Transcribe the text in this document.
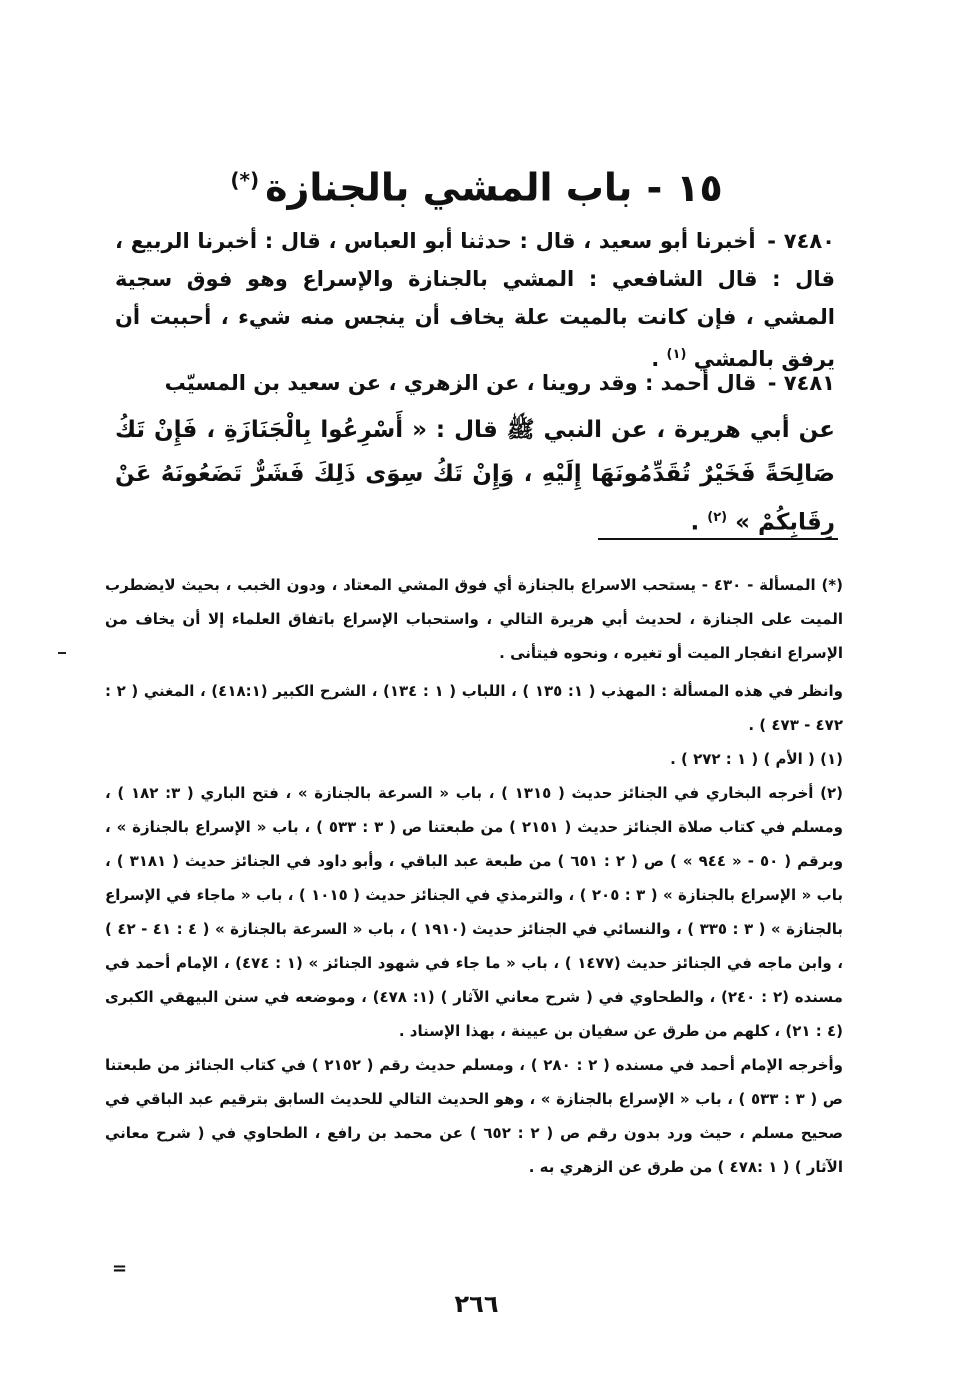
١٥-باب المشي بالجنازة(*)
٧٤٨٠ - أخبرنا أبو سعيد ، قال : حدثنا أبو العباس ، قال : أخبرنا الربيع ، قال : قال الشافعي : المشي بالجنازة والإسراع وهو فوق سجية المشي ، فإن كانت بالميت علة يخاف أن ينجس منه شيء ، أحببت أن يرفق بالمشي $^{(١)}$ .
٧٤٨١ - قال أحمد : وقد روينا ، عن الزهري ، عن سعيد بن المسيّب
عن أبي هريرة ، عن النبي ﷺ قال : « أَسْرِعُوا بِالْجَنَازَةِ ، فَإِنْ تَكُ صَالِحَةً فَخَيْرٌ تُقَدِّمُونَهَا إِلَيْهِ ، وَإِنْ تَكُ سِوَى ذَلِكَ فَشَرٌّ تَضَعُونَهُ عَنْ رِقَابِكُمْ » $^{(٢)}$ .

(*) المسألة - ٤٣٠ - يستحب الاسراع بالجنازة أي فوق المشي المعتاد ، ودون الخبب ، بحيث لايضطرب الميت على الجنازة ، لحديث أبي هريرة التالي ، واستحباب الإسراع باتفاق العلماء إلا أن يخاف من الإسراع انفجار الميت أو تغيره ، ونحوه فيتأنى .

وانظر في هذه المسألة : المهذب ( ١: ١٣٥ ) ، اللباب ( ١ : ١٣٤) ، الشرح الكبير (٤١٨:١) ، المغني ( ٢ : ٤٧٢ - ٤٧٣ ) .

(١) ( الأم ) ( ١ : ٢٧٢ ) .

(٢) أخرجه البخاري في الجنائز حديث ( ١٣١٥ ) ، باب « السرعة بالجنازة » ، فتح الباري ( ٣: ١٨٢ ) ، ومسلم في كتاب صلاة الجنائز حديث ( ٢١٥١ ) من طبعتنا ص ( ٣ : ٥٣٣ ) ، باب « الإسراع بالجنازة » ، وبرقم ( ٥٠ - « ٩٤٤ » ) ص ( ٢ : ٦٥١ ) من طبعة عبد الباقي ، وأبو داود في الجنائز حديث ( ٣١٨١ ) ، باب « الإسراع بالجنازة » ( ٣ : ٢٠٥ ) ، والترمذي في الجنائز حديث ( ١٠١٥ ) ، باب « ماجاء في الإسراع بالجنازة » ( ٣ : ٣٣٥ ) ، والنسائي في الجنائز حديث (١٩١٠ ) ، باب « السرعة بالجنازة » ( ٤ : ٤١ - ٤٢ ) ، وابن ماجه في الجنائز حديث (١٤٧٧ ) ، باب « ما جاء في شهود الجنائز » (١ : ٤٧٤) ، الإمام أحمد في مسنده (٢ : ٢٤٠) ، والطحاوي في ( شرح معاني الآثار ) (١: ٤٧٨) ، وموضعه في سنن البيهقي الكبرى (٤ : ٢١) ، كلهم من طرق عن سفيان بن عيينة ، بهذا الإسناد .

وأخرجه الإمام أحمد في مسنده ( ٢ : ٢٨٠ ) ، ومسلم حديث رقم ( ٢١٥٢ ) في كتاب الجنائز من طبعتنا ص ( ٣ : ٥٣٣ ) ، باب « الإسراع بالجنازة » ، وهو الحديث التالي للحديث السابق بترقيم عبد الباقي في صحيح مسلم ، حيث ورد بدون رقم ص ( ٢ : ٦٥٢ ) عن محمد بن رافع ، الطحاوي في ( شرح معاني الآثار ) ( ١ :٤٧٨ ) من طرق عن الزهري به .

=
٢٦٦
